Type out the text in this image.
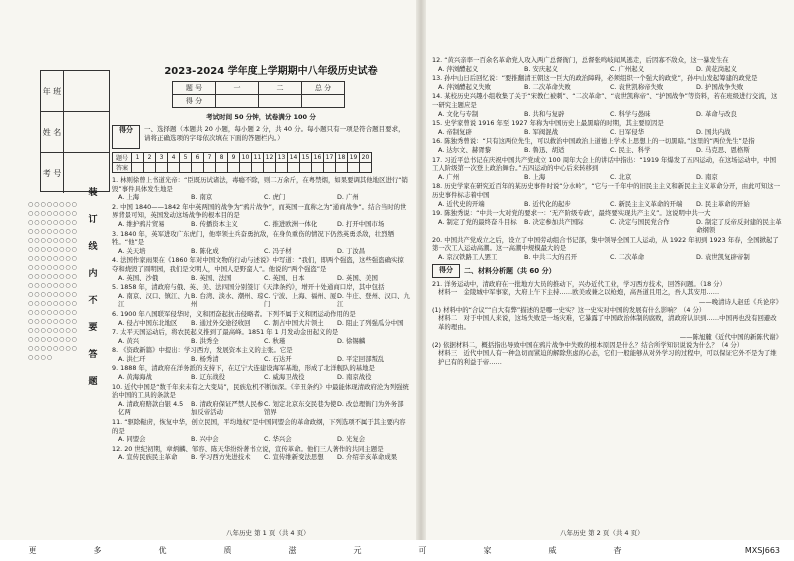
年 班
姓 名
考 号
○○○○○○○○○○○○○○○○○○○○○○○○○○○○○○○○○○○○○○○○○○○○○○○○○○○○○○○○○○○○○○○○○○○○○○○○○○○○○○○○○○○○○○○○○○○○○○○○○○○○○○○○○○○○○○○○○○○○○○○○○○○○○○○○○○○○○○○○○○○○
装
订
线
内
不
要
答
题
2023-2024 学年度上学期期中八年级历史试卷
题 号	一	二	总 分
得 分			
考试时间 50 分钟，试卷满分 100 分
得分	一、选择题（本题共 20 小题，每小题 2 分，共 40 分。每小题只有一项是符合题目要求，请将正确选项的字母依次填在下面的答题栏内。）
题号	1	2	3	4	5	6	7	8	9	10	11	12	13	14	15	16	17	18	19	20
答案																				

1. 林则徐曾上书道光帝：“臣既历试诸法，毒瘾不除，则二万余斤，在粤禁烟，如果要调其他地区进行“销毁”事件具体发生地是

A. 上海	B. 南京	C. 虎门	D. 广州

2. 中国 1840——1842 年中英两国的战争为“鸦片战争”，而英国一直称之为“通商战争”。结合当时的世界背景可知，英国发动这场战争的根本目的是

A. 维护鸦片贸易	B. 传播资本主义	C. 推进欧洲一体化	D. 打开中国市场

3. 1840 年，英军进攻广东虎门，他率领士兵奋勇抗敌，在身负重伤的情况下仍然英勇杀敌，壮烈牺牲。“他”是

A. 关天培	B. 陈化成	C. 冯子材	D. 丁汝昌

4. 法国作家雨果在《1860 年对中国文物的行动与述说》中写道：“我们，即两个强盗，这些强盗确实掠夺和烧毁了圆明园，我们是文明人，中国人是野蛮人”。他说的“两个强盗”是

A. 英国、沙俄	B. 英国、法国	C. 英国、日本	D. 英国、美国

5. 1858 年，清政府与俄、英、美、法四国分别签订《天津条约》，增开十处通商口岸，其中包括

A. 南京、汉口、镇江、九江
B. 台湾、淡水、潮州、琼州
C. 宁波、上海、福州、厦门
D. 牛庄、登州、汉口、九江

6. 1900 年八国联军侵华时，义和团奋起抗击侵略者。下列不属于义和团运动作用的是

A. 侵占中国东北地区	B. 通过外交途径收回	C. 割占中国大片领土	D. 阻止了列强瓜分中国

7. 太平天国运动后，将农民起义推到了最高峰。1851 年 1 月发动金田起义的是

A. 黄兴	B. 洪秀全	C. 秋瑾	D. 徐锡麟

8. 《资政新篇》中提出：学习西方，发展资本主义的主张。它是

A. 洪仁玕	B. 杨秀清	C. 石达开	D. 平定回部叛乱

9. 1888 年，清政府在洋务派的支持下，在辽宁大连建设海军基地，形成了北洋舰队的基地是

A. 黄海海战	B. 辽东战役	C. 威海卫战役	D. 南京战役

10. 近代中国是“数千年来未有之大变局”，民族危机不断加深。《辛丑条约》中最能体现清政府沦为列强统治中国的工具的条款是

A. 清政府赔款白银 4.5 亿两
B. 清政府保证严禁人民参加反帝活动
C. 划定北京东交民巷为使馆界
D. 改总理衙门为外务部

11. “驱除鞑虏，恢复中华，创立民国，平均地权”是中国同盟会的革命政纲，下列选项不属于其主要内容的是

A. 同盟会	B. 兴中会	C. 华兴会	D. 光复会

12. 20 世纪初期，章炳麟、邹容、陈天华纷纷著书立说，宣传革命。他们三人著作的共同主题是

A. 宣传民族民主革命	B. 学习西方先进技术	C. 宣传维新变法思想	D. 介绍辛亥革命成果

12. “黄兴亲率一百余名革命党人攻入两广总督衙门，总督张鸣岐闻风逃走，后因寡不敌众，这一暴发生在

A. 萍浏醴起义	B. 安庆起义	C. 广州起义	D. 黄花岗起义

13. 孙中山日后回忆说：“要推翻清王朝这一巨大的政治障碍，必须组织一个强大的政党”，孙中山发起筹建的政党是

A. 萍浏醴起义失败	B. 二次革命失败	C. 袁世凯称帝失败	D. 护国战争失败

14. 某校历史兴趣小组收集了关于“宋教仁被刺”、“二次革命”、“袁世凯称帝”、“护国战争”等资料，若在班级进行交流，这一研究主题应是

A. 文化与专制	B. 共和与复辟	C. 科学与愚昧	D. 革命与改良

15. 史学家曾说 1916 年至 1927 年称为中国历史上最黑暗的时期，其主要原因是

A. 帝制复辟	B. 军阀混战	C. 日军侵华	D. 国共内战

16. 陈独秀曾说：“只有这两位先生，可以救治中国政治上道德上学术上思想上的一切黑暗。”这里的“两位先生”是指

A. 达尔文、赫胥黎	B. 鲁迅、胡适	C. 民主、科学	D. 马克思、恩格斯

17. 习近平总书记在庆祝中国共产党成立 100 周年大会上的讲话中指出：“1919 年爆发了五四运动，在这场运动中，中国工人阶级第一次登上政治舞台。”五四运动的中心后来转移到

A. 广州	B. 上海	C. 北京	D. 南京

18. 历史学家在研究近百年的某历史事件时说“分水岭”，“它与一千年中的旧民主主义和新民主主义革命分开，由此可知这一历史事件标志着中国

A. 近代史的开端	B. 近代化的起步	C. 新民主主义革命的开端	D. 民主革命的开始

19. 陈独秀说：“中共一大对党的要求一：‘无产阶级专政’，最终要实现共产主义”。这说明中共一大

A. 制定了党的最终奋斗目标	B. 决定参加共产国际	C. 决定与国民党合作	D. 制定了反帝反封建的民主革命纲领

20. 中国共产党成立之后，设立了中国劳动组合书记部，集中领导全国工人运动，从 1922 年初到 1923 年春，全国掀起了第一次工人运动高潮。这一高潮中规模最大的是

A. 京汉铁路工人罢工	B. 中共二大的召开	C. 二次革命	D. 袁世凯复辟帝制
得分	二、材料分析题（共 60 分）

21. 洋务运动中，清政府在一批地方大员的推动下，兴办近代工业，学习西方技术，回答问题。（18 分）

材料一　金陵城中军事家，大府上午下主持……欧美或兼之以枪炮，高吾道且用之，吾人其安用……

——晚清诗人赵廷《兵论序》

(1) 材料中的“合议”“自大有弊”描述的是哪一史实？这一史实对中国的发展有什么影响？（4 分）

材料二　对于中国人来说，这场失败是一场灾难，它暴露了中国政治体制的腐败，清政府认识到……中国再也没有回避改革的理由。

——陈旭麓《近代中国的新陈代谢》

(2) 依据材料二，概括指出导致中国在鸦片战争中失败的根本原因是什么？结合所学知识说说为什么？（4 分）

材料三　近代中国人有一种急切而紧迫的解除焦虑的心态，它们一般能够从对外学习的过程中，可以保证它外不是为了维护已有的利益于帝……

八年历史 第 1 页（共 4 页）	八年历史 第 2 页（共 4 页）
更	多	优	质	滋	元	可	家	威	杳	MXSJ663
